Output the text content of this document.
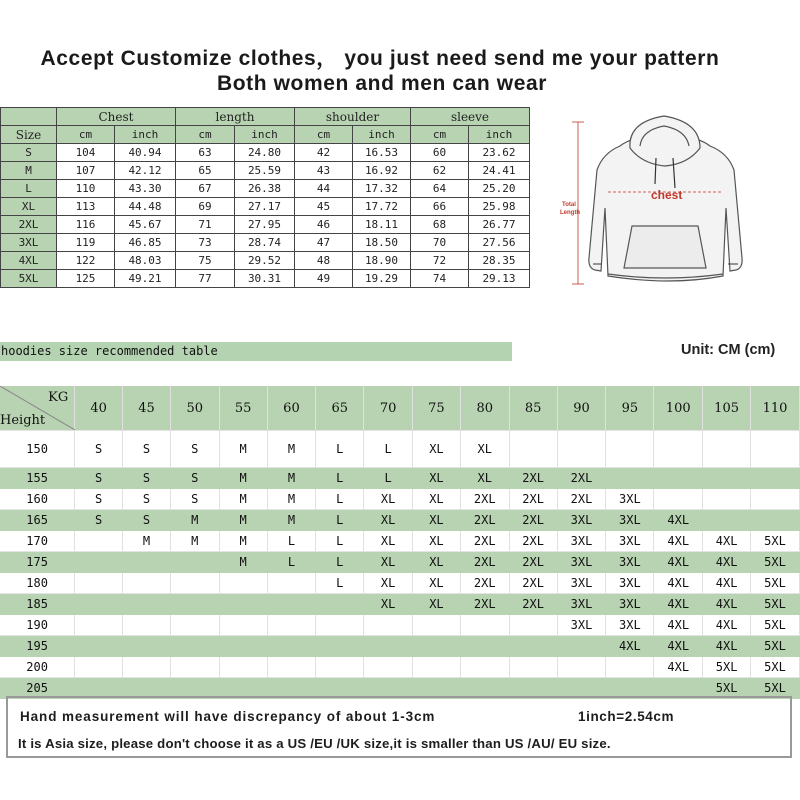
Accept Customize clothes， you just need send me your pattern
Both women and men can wear
	Chest		length		shoulder		sleeve	
Size	cm	inch	cm	inch	cm	inch	cm	inch
S	104	40.94	63	24.80	42	16.53	60	23.62
M	107	42.12	65	25.59	43	16.92	62	24.41
L	110	43.30	67	26.38	44	17.32	64	25.20
XL	113	44.48	69	27.17	45	17.72	66	25.98
2XL	116	45.67	71	27.95	46	18.11	68	26.77
3XL	119	46.85	73	28.74	47	18.50	70	27.56
4XL	122	48.03	75	29.52	48	18.90	72	28.35
5XL	125	49.21	77	30.31	49	19.29	74	29.13
chest
Total
Length
hoodies size recommended table	Unit: CM (cm)
KG
Height	40	45	50	55	60	65	70	75	80	85	90	95	100	105	110
150	S	S	S	M	M	L	L	XL	XL						
155	S	S	S	M	M	L	L	XL	XL	2XL	2XL				
160	S	S	S	M	M	L	XL	XL	2XL	2XL	2XL	3XL			
165	S	S	M	M	M	L	XL	XL	2XL	2XL	3XL	3XL	4XL		
170		M	M	M	L	L	XL	XL	2XL	2XL	3XL	3XL	4XL	4XL	5XL
175				M	L	L	XL	XL	2XL	2XL	3XL	3XL	4XL	4XL	5XL
180						L	XL	XL	2XL	2XL	3XL	3XL	4XL	4XL	5XL
185							XL	XL	2XL	2XL	3XL	3XL	4XL	4XL	5XL
190											3XL	3XL	4XL	4XL	5XL
195												4XL	4XL	4XL	5XL
200													4XL	5XL	5XL
205														5XL	5XL
Hand measurement will have discrepancy of about 1-3cm	1inch=2.54cm
It is Asia size, please don't choose it as a US /EU /UK size,it is smaller than US /AU/ EU size.
